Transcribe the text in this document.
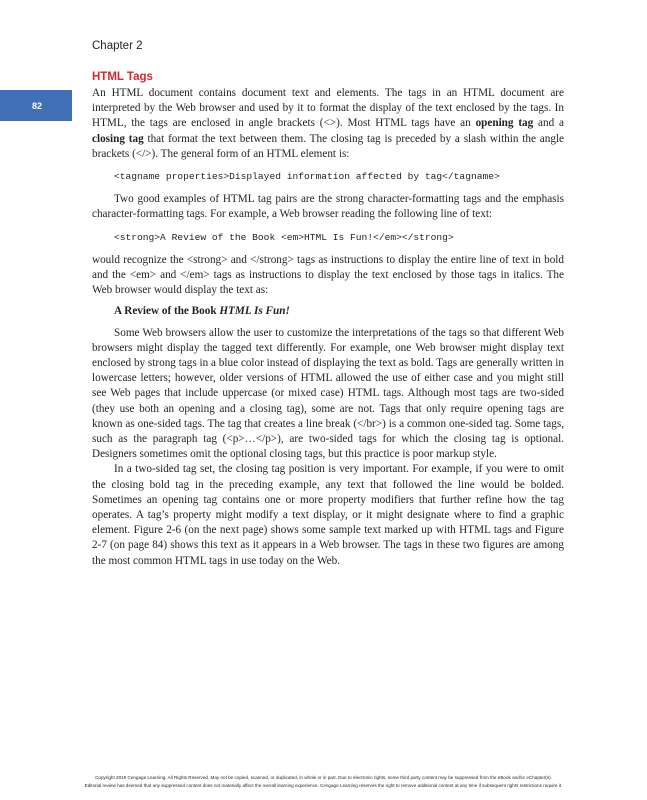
Chapter 2
82
HTML Tags

An HTML document contains document text and elements. The tags in an HTML document are interpreted by the Web browser and used by it to format the display of the text enclosed by the tags. In HTML, the tags are enclosed in angle brackets (<>). Most HTML tags have an opening tag and a closing tag that format the text between them. The closing tag is preceded by a slash within the angle brackets (</>). The general form of an HTML element is:

<tagname properties>Displayed information affected by tag</tagname>

Two good examples of HTML tag pairs are the strong character-formatting tags and the emphasis character-formatting tags. For example, a Web browser reading the following line of text:

<strong>A Review of the Book <em>HTML Is Fun!</em></strong>

would recognize the <strong> and </strong> tags as instructions to display the entire line of text in bold and the <em> and </em> tags as instructions to display the text enclosed by those tags in italics. The Web browser would display the text as:

A Review of the Book HTML Is Fun!

Some Web browsers allow the user to customize the interpretations of the tags so that different Web browsers might display the tagged text differently. For example, one Web browser might display text enclosed by strong tags in a blue color instead of displaying the text as bold. Tags are generally written in lowercase letters; however, older versions of HTML allowed the use of either case and you might still see Web pages that include uppercase (or mixed case) HTML tags. Although most tags are two-sided (they use both an opening and a closing tag), some are not. Tags that only require opening tags are known as one-sided tags. The tag that creates a line break (</br>) is a common one-sided tag. Some tags, such as the paragraph tag (<p>…</p>), are two-sided tags for which the closing tag is optional. Designers sometimes omit the optional closing tags, but this practice is poor markup style.

In a two-sided tag set, the closing tag position is very important. For example, if you were to omit the closing bold tag in the preceding example, any text that followed the line would be bolded. Sometimes an opening tag contains one or more property modifiers that further refine how the tag operates. A tag’s property might modify a text display, or it might designate where to find a graphic element. Figure 2-6 (on the next page) shows some sample text marked up with HTML tags and Figure 2-7 (on page 84) shows this text as it appears in a Web browser. The tags in these two figures are among the most common HTML tags in use today on the Web.

Copyright 2015 Cengage Learning. All Rights Reserved. May not be copied, scanned, or duplicated, in whole or in part. Due to electronic rights, some third party content may be suppressed from the eBook and/or eChapter(s).
Editorial review has deemed that any suppressed content does not materially affect the overall learning experience. Cengage Learning reserves the right to remove additional content at any time if subsequent rights restrictions require it.
